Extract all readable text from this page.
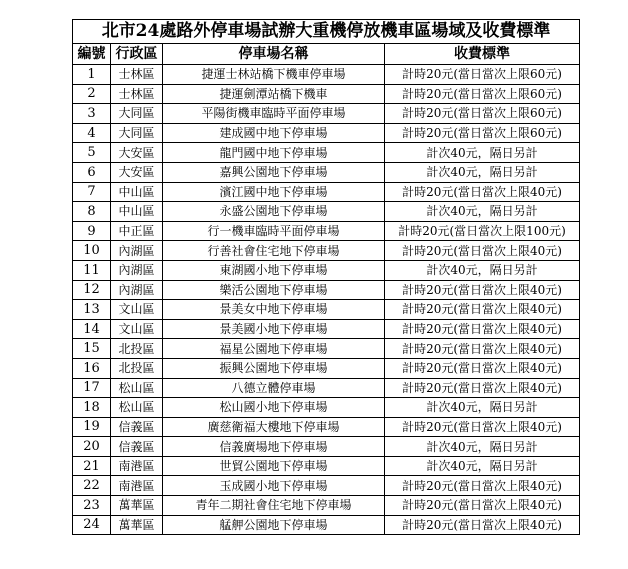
北市24處路外停車場試辦大重機停放機車區場域及收費標準			
編號	行政區	停車場名稱	收費標準
1	士林區	捷運士林站橋下機車停車場	計時20元(當日當次上限60元)
2	士林區	捷運劍潭站橋下機車	計時20元(當日當次上限60元)
3	大同區	平陽街機車臨時平面停車場	計時20元(當日當次上限60元)
4	大同區	建成國中地下停車場	計時20元(當日當次上限60元)
5	大安區	龍門國中地下停車場	計次40元，隔日另計
6	大安區	嘉興公園地下停車場	計次40元，隔日另計
7	中山區	濱江國中地下停車場	計時20元(當日當次上限40元)
8	中山區	永盛公園地下停車場	計次40元，隔日另計
9	中正區	行一機車臨時平面停車場	計時20元(當日當次上限100元)
10	內湖區	行善社會住宅地下停車場	計時20元(當日當次上限40元)
11	內湖區	東湖國小地下停車場	計次40元，隔日另計
12	內湖區	樂活公園地下停車場	計時20元(當日當次上限40元)
13	文山區	景美女中地下停車場	計時20元(當日當次上限40元)
14	文山區	景美國小地下停車場	計時20元(當日當次上限40元)
15	北投區	福星公園地下停車場	計時20元(當日當次上限40元)
16	北投區	振興公園地下停車場	計時20元(當日當次上限40元)
17	松山區	八德立體停車場	計時20元(當日當次上限40元)
18	松山區	松山國小地下停車場	計次40元，隔日另計
19	信義區	廣慈衛福大樓地下停車場	計時20元(當日當次上限40元)
20	信義區	信義廣場地下停車場	計次40元，隔日另計
21	南港區	世貿公園地下停車場	計次40元，隔日另計
22	南港區	玉成國小地下停車場	計時20元(當日當次上限40元)
23	萬華區	青年二期社會住宅地下停車場	計時20元(當日當次上限40元)
24	萬華區	艋舺公園地下停車場	計時20元(當日當次上限40元)
